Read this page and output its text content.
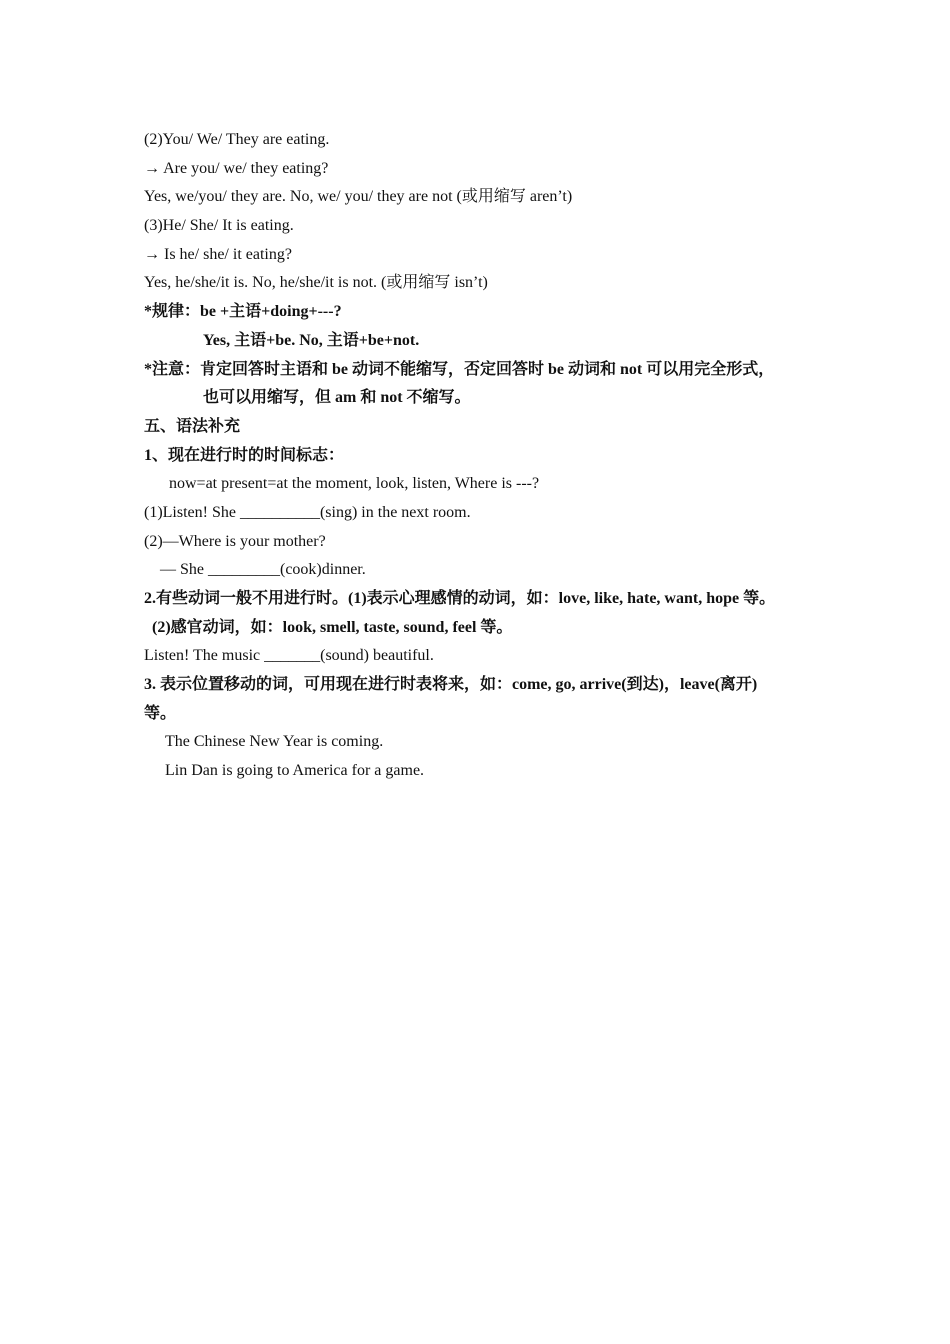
(2)You/ We/ They are eating.
→ Are you/ we/ they eating?
Yes, we/you/ they are. No, we/ you/ they are not (或用缩写 aren’t)
(3)He/ She/ It is eating.
→ Is he/ she/ it eating?
Yes, he/she/it is. No, he/she/it is not. (或用缩写 isn’t)
*规律：be +主语+doing+---?
Yes, 主语+be. No, 主语+be+not.
*注意：肯定回答时主语和 be 动词不能缩写，否定回答时 be 动词和 not 可以用完全形式，
也可以用缩写，但 am 和 not 不缩写。
五、语法补充
1、现在进行时的时间标志：
now=at present=at the moment, look, listen, Where is ---?
(1)Listen! She __________(sing) in the next room.
(2)—Where is your mother?
— She _________(cook)dinner.
2.有些动词一般不用进行时。(1)表示心理感情的动词，如：love, like, hate, want, hope 等。
(2)感官动词，如：look, smell, taste, sound, feel 等。
Listen! The music _______(sound) beautiful.
3. 表示位置移动的词，可用现在进行时表将来，如：come, go, arrive(到达)，leave(离开)
等。
The Chinese New Year is coming.
Lin Dan is going to America for a game.
